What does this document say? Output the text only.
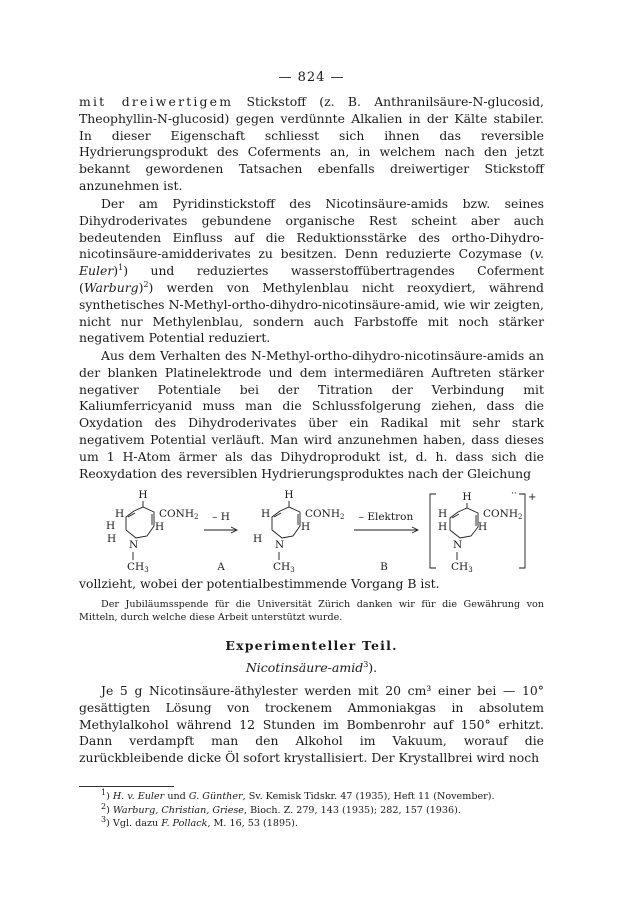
— 824 —

mit dreiwertigem Stickstoff (z. B. Anthranilsäure-N-glucosid, Theophyllin-N-glucosid) gegen verdünnte Alkalien in der Kälte stabiler. In dieser Eigenschaft schliesst sich ihnen das reversible Hydrierungsprodukt des Coferments an, in welchem nach den jetzt bekannt gewordenen Tatsachen ebenfalls dreiwertiger Stickstoff anzunehmen ist.

Der am Pyridinstickstoff des Nicotinsäure-amids bzw. seines Dihydroderivates gebundene organische Rest scheint aber auch bedeutenden Einfluss auf die Reduktionsstärke des ortho-Dihydro-nicotinsäure-amidderivates zu besitzen. Denn reduzierte Cozymase (v. Euler)$^1$) und reduziertes wasserstoffübertragendes Coferment (Warburg)$^2$) werden von Methylenblau nicht reoxydiert, während synthetisches N-Methyl-ortho-dihydro-nicotinsäure-amid, wie wir zeigten, nicht nur Methylenblau, sondern auch Farbstoffe mit noch stärker negativem Potential reduziert.

Aus dem Verhalten des N-Methyl-ortho-dihydro-nicotinsäure-amids an der blanken Platinelektrode und dem intermediären Auftreten stärker negativer Potentiale bei der Titration der Verbindung mit Kaliumferricyanid muss man die Schlussfolgerung ziehen, dass die Oxydation des Dihydroderivates über ein Radikal mit sehr stark negativem Potential verläuft. Man wird anzunehmen haben, dass dieses um 1 H-Atom ärmer als das Dihydroprodukt ist, d. h. dass sich die Reoxydation des reversiblen Hydrierungsproduktes nach der Gleichung

H
H	CONH2
H	H
H N
CH3
– H
A
H
H	CONH2
H
H N
CH3
– Elektron
B
H	·· +
H	CONH2
H	H
N
CH3

vollzieht, wobei der potentialbestimmende Vorgang B ist.

Der Jubiläumsspende für die Universität Zürich danken wir für die Gewährung von Mitteln, durch welche diese Arbeit unterstützt wurde.

Experimenteller Teil.

Nicotinsäure-amid$^3$).

Je 5 g Nicotinsäure-äthylester werden mit 20 cm³ einer bei — 10° gesättigten Lösung von trockenem Ammoniakgas in absolutem Methylalkohol während 12 Stunden im Bombenrohr auf 150° erhitzt. Dann verdampft man den Alkohol im Vakuum, worauf die zurückbleibende dicke Öl sofort krystallisiert. Der Krystallbrei wird noch

$^1$) H. v. Euler und G. Günther, Sv. Kemisk Tidskr. 47 (1935), Heft 11 (November).
$^2$) Warburg, Christian, Griese, Bioch. Z. 279, 143 (1935); 282, 157 (1936).
$^3$) Vgl. dazu F. Pollack, M. 16, 53 (1895).
